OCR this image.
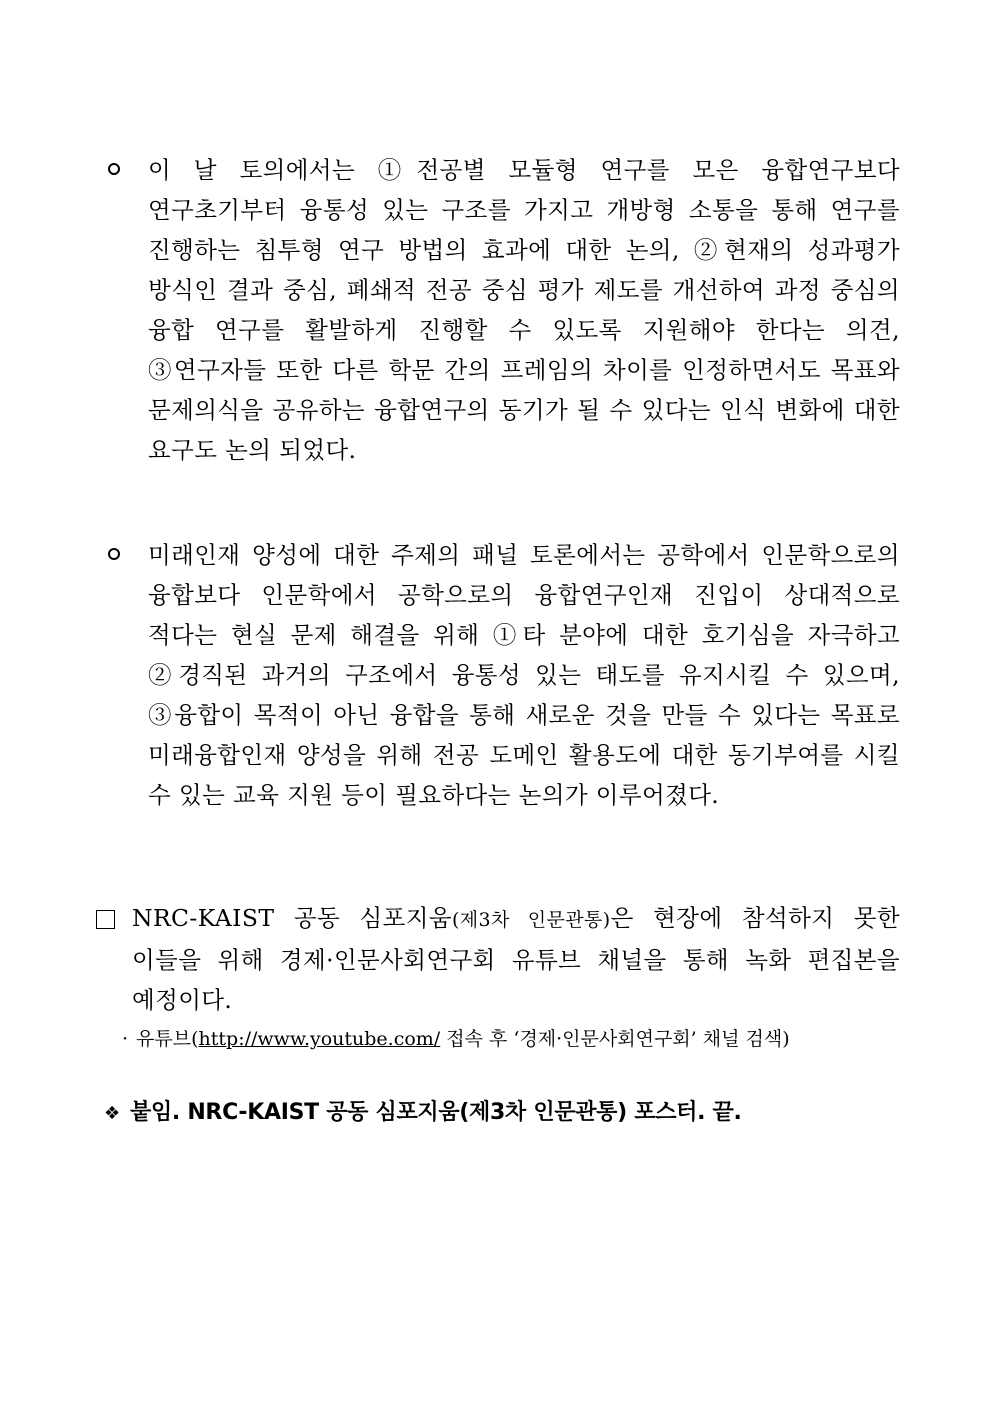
이 날 토의에서는 ①전공별 모듈형 연구를 모은 융합연구보다 연구초기부터 융통성 있는 구조를 가지고 개방형 소통을 통해 연구를 진행하는 침투형 연구 방법의 효과에 대한 논의, ②현재의 성과평가 방식인 결과 중심, 폐쇄적 전공 중심 평가 제도를 개선하여 과정 중심의 융합 연구를 활발하게 진행할 수 있도록 지원해야 한다는 의견, ③연구자들 또한 다른 학문 간의 프레임의 차이를 인정하면서도 목표와 문제의식을 공유하는 융합연구의 동기가 될 수 있다는 인식 변화에 대한 요구도 논의 되었다.
미래인재 양성에 대한 주제의 패널 토론에서는 공학에서 인문학으로의 융합보다 인문학에서 공학으로의 융합연구인재 진입이 상대적으로 적다는 현실 문제 해결을 위해 ①타 분야에 대한 호기심을 자극하고 ②경직된 과거의 구조에서 융통성 있는 태도를 유지시킬 수 있으며, ③융합이 목적이 아닌 융합을 통해 새로운 것을 만들 수 있다는 목표로 미래융합인재 양성을 위해 전공 도메인 활용도에 대한 동기부여를 시킬 수 있는 교육 지원 등이 필요하다는 논의가 이루어졌다.
NRC-KAIST 공동 심포지움(제3차 인문관통)은 현장에 참석하지 못한 이들을 위해 경제·인문사회연구회 유튜브 채널을 통해 녹화 편집본을 예정이다.
· 유튜브(http://www.youtube.com/ 접속 후 ‘경제·인문사회연구회’ 채널 검색)
❖ 붙임. NRC-KAIST 공동 심포지움(제3차 인문관통) 포스터. 끝.
